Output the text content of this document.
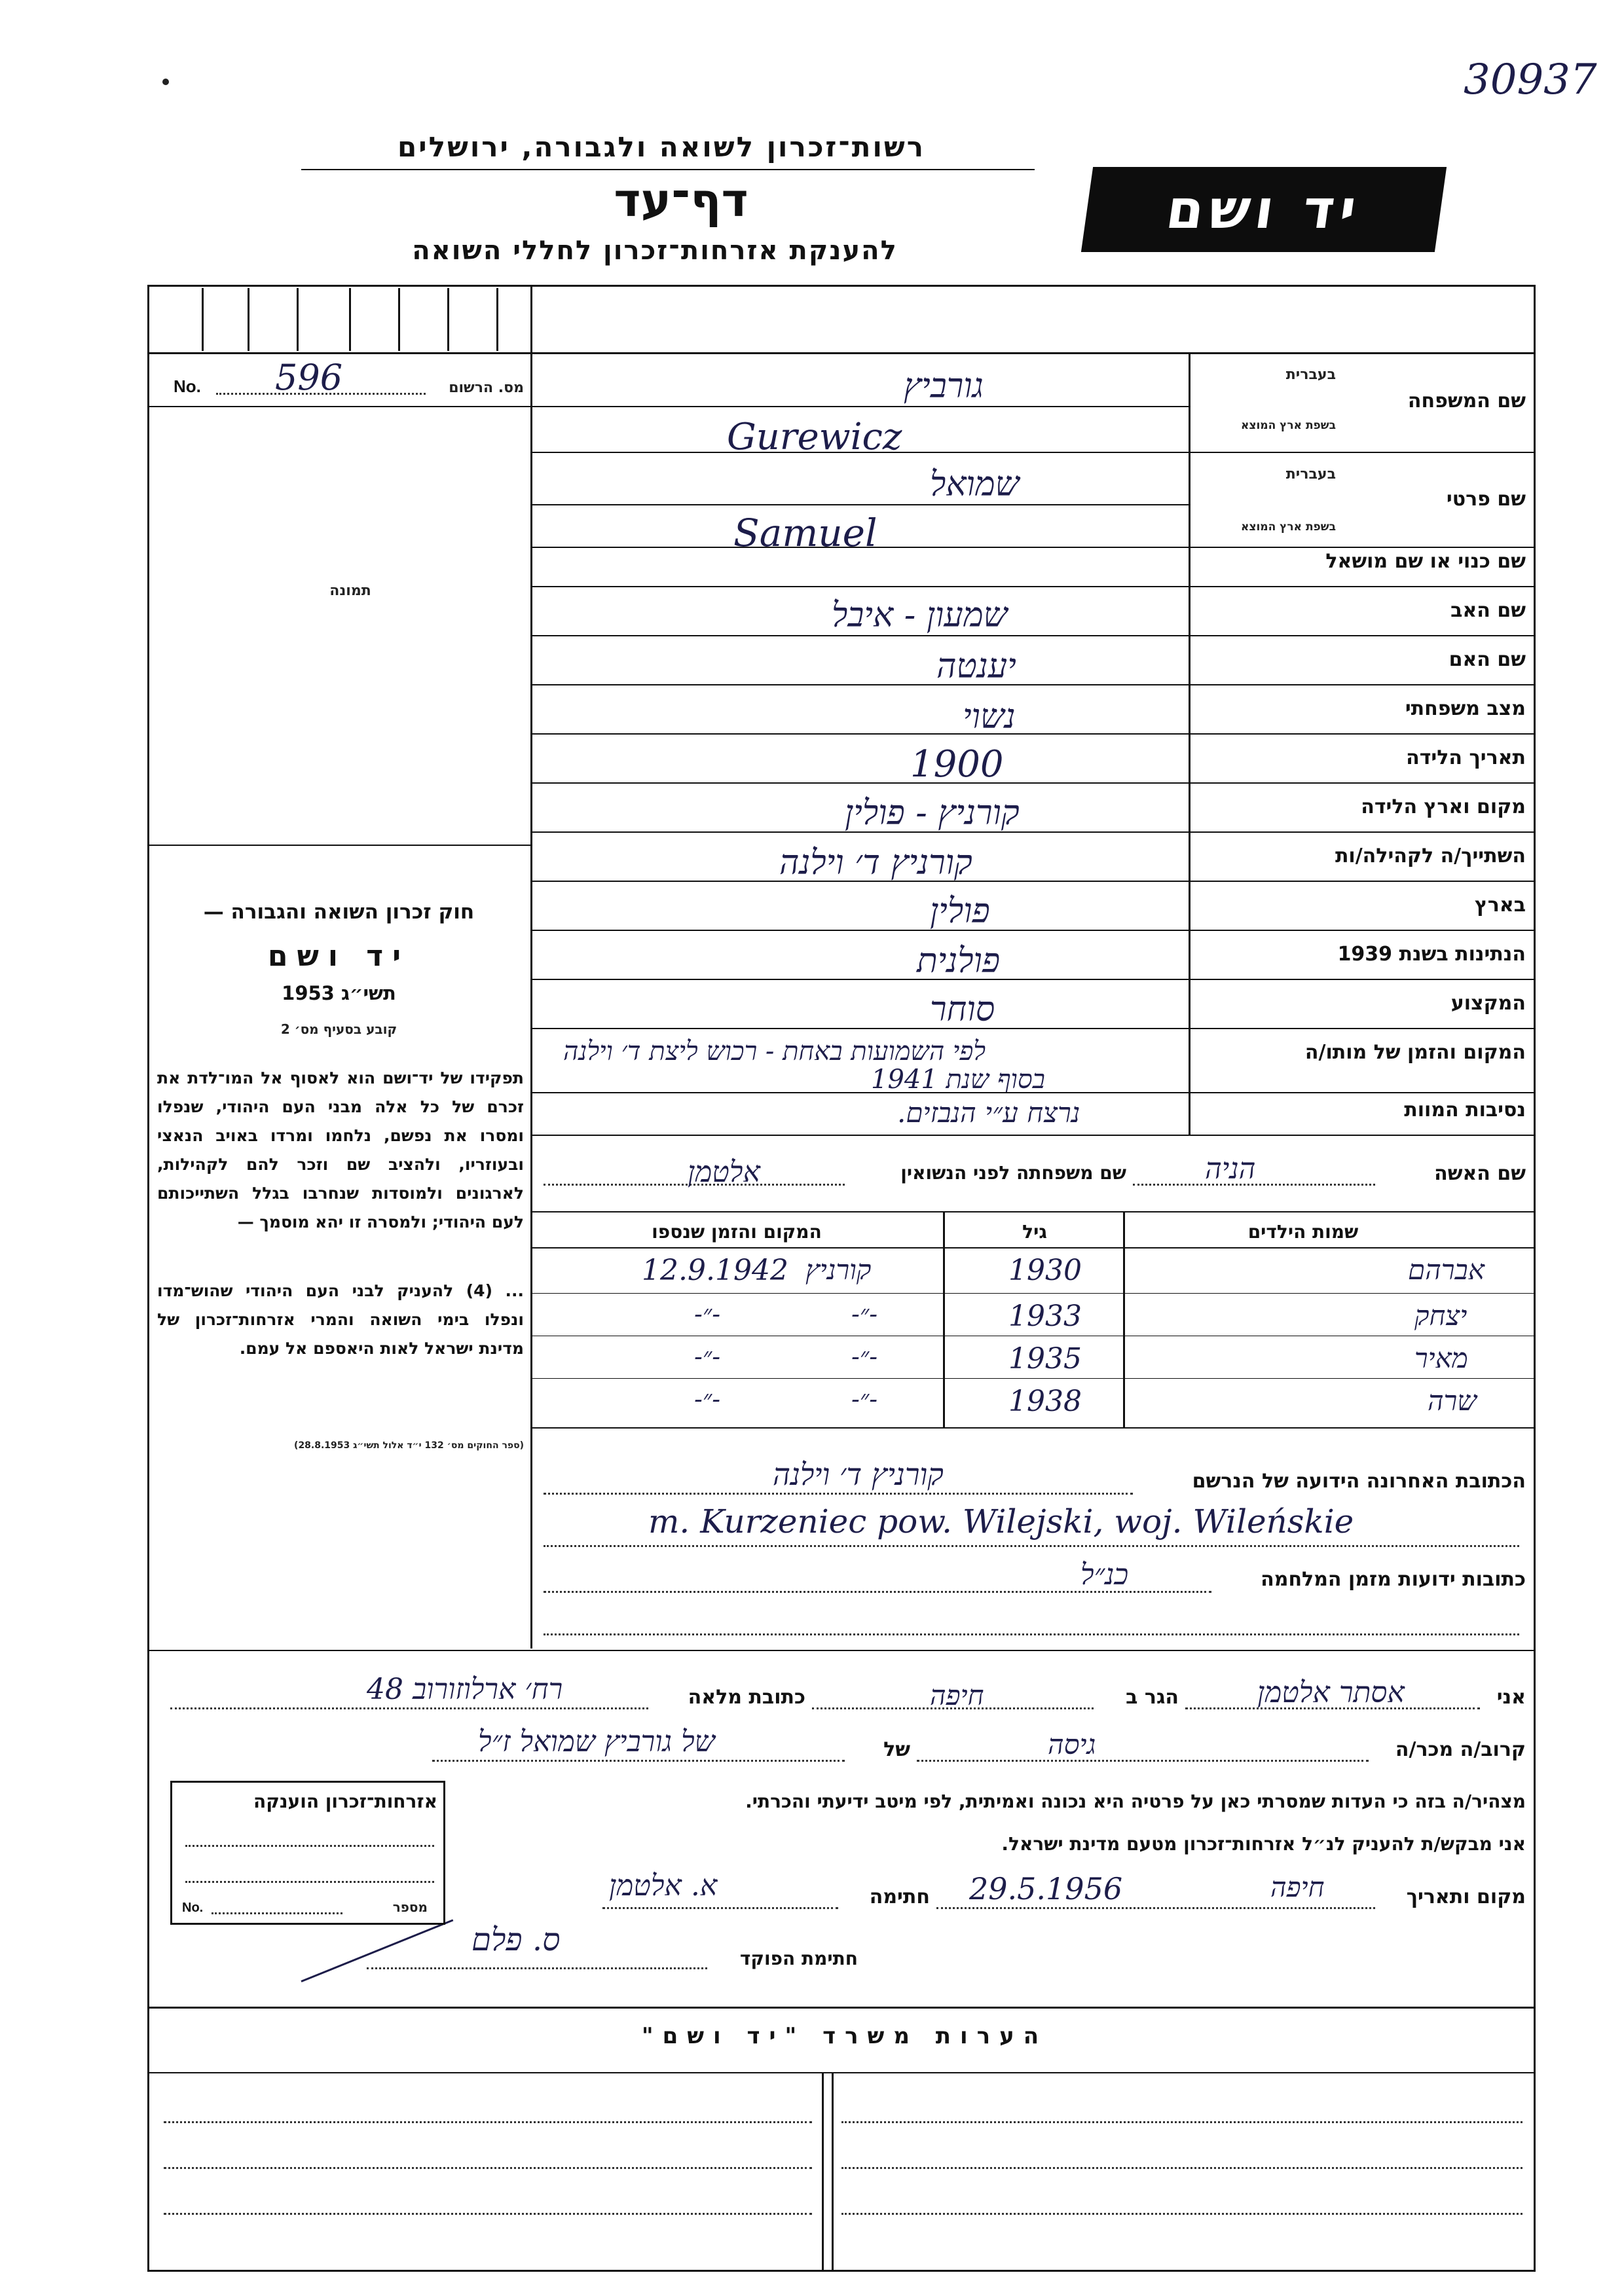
30937
רשות־זכרון לשואה ולגבורה, ירושלים
דף־עד
להענקת אזרחות־זכרון לחללי השואה
יד ושם
No. 596	מס. הרשום
תמונה
חוק זכרון השואה והגבורה —
יד ושם
תשי״ג 1953
קובע בסעיף מס׳ 2
תפקידו של יד־ושם הוא לאסוף אל המו־לדת את זכרם של כל אלה מבני העם היהודי, שנפלו ומסרו את נפשם, נלחמו ומרדו באויב הנאצי ובעוזריו, ולהציב שם וזכר להם לקהילות, לארגונים ולמוסדות שנחרבו בגלל השתייכותם לעם היהודי; ולמסרה זו יהא מוסמך —
... (4) להעניק לבני העם היהודי שהוש־מדו ונפלו בימי השואה והמרי אזרחות־זכרון של מדינת ישראל לאות היאספם אל עמם.
(ספר החוקים מס׳ 132 י״ד אלול תשי״ג 28.8.1953)
בעברית
שם המשפחה
בשפת ארץ המוצא
גורביץ
Gurewicz
בעברית
שם פרטי
בשפת ארץ המוצא
שמואל
Samuel
שם כנוי או שם מושאל
שם האב
שמעון - איבל
שם האם
יענטה
מצב משפחתי
נשוי
תאריך הלידה
1900
מקום וארץ הלידה
קורניץ - פולין
השתייך/ה לקהילה/ות
קורניץ ד׳ וילנה
בארץ
פולין
הנתינות בשנת 1939
פולנית
המקצוע
סוחר
המקום והזמן של מותו/ה
לפי השמועות באחת - רכוש ליצת ד׳ וילנה
בסוף שנת 1941
נסיבות המוות
נרצח ע״י הנבזים.
שם האשה
הניה
שם משפחתה לפני הנשואין
אלטמן
שמות הילדים
גיל
המקום והזמן שנספו
אברהם
1930
קורניץ
12.9.1942
יצחק
1933
-״-
-״-
מאיר
1935
-״-
-״-
שרה
1938
-״-
-״-
הכתובת האחרונה הידועה של הנרשם
קורניץ ד׳ וילנה
m. Kurzeniec pow. Wilejski, woj. Wileńskie
כתובות ידועות מזמן המלחמה
כנ״ל
אני
אסתר אלטמן
הגר ב
חיפה
כתובת מלאה
רח׳ ארלוזורוב 48
קרוב/ה מכר/ה
גיסה
של
של גורביץ שמואל ז״ל
מצהיר/ה בזה כי העדות שמסרתי כאן על פרטיה היא נכונה ואמיתית, לפי מיטב ידיעתי והכרתי.
אני מבקש/ת להעניק לנ״ל אזרחות־זכרון מטעם מדינת ישראל.
מקום ותאריך
חיפה
29.5.1956
חתימה
א. אלטמן
חתימת הפוקד
ס. פלם
אזרחות־זכרון הוענקה
No.	מספר
הערות משרד "יד ושם"
